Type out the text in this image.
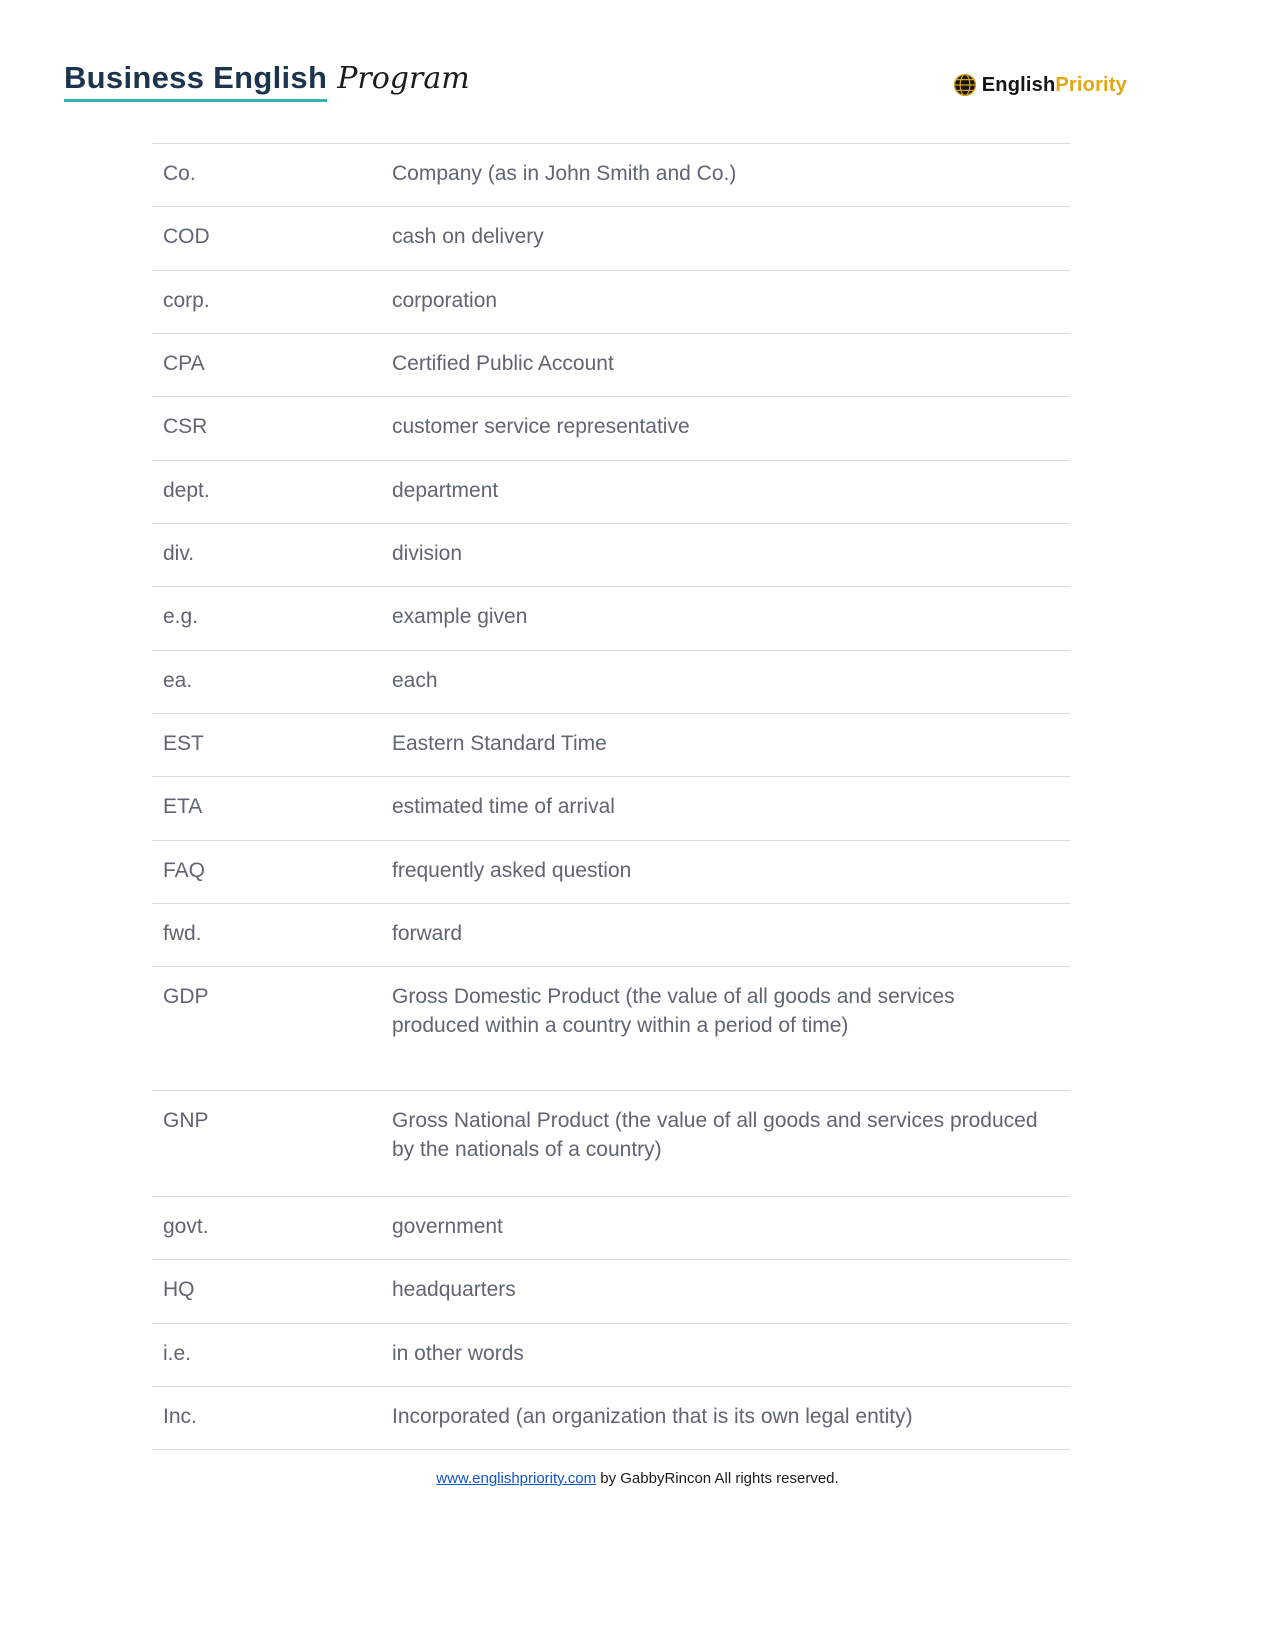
Business English Program	English Priority
Co.	Company (as in John Smith and Co.)
COD	cash on delivery
corp.	corporation
CPA	Certified Public Account
CSR	customer service representative
dept.	department
div.	division
e.g.	example given
ea.	each
EST	Eastern Standard Time
ETA	estimated time of arrival
FAQ	frequently asked question
fwd.	forward
GDP	Gross Domestic Product (the value of all goods and services produced within a country within a period of time)
GNP	Gross National Product (the value of all goods and services produced by the nationals of a country)
govt.	government
HQ	headquarters
i.e.	in other words
Inc.	Incorporated (an organization that is its own legal entity)
www.englishpriority.com by GabbyRincon All rights reserved.
